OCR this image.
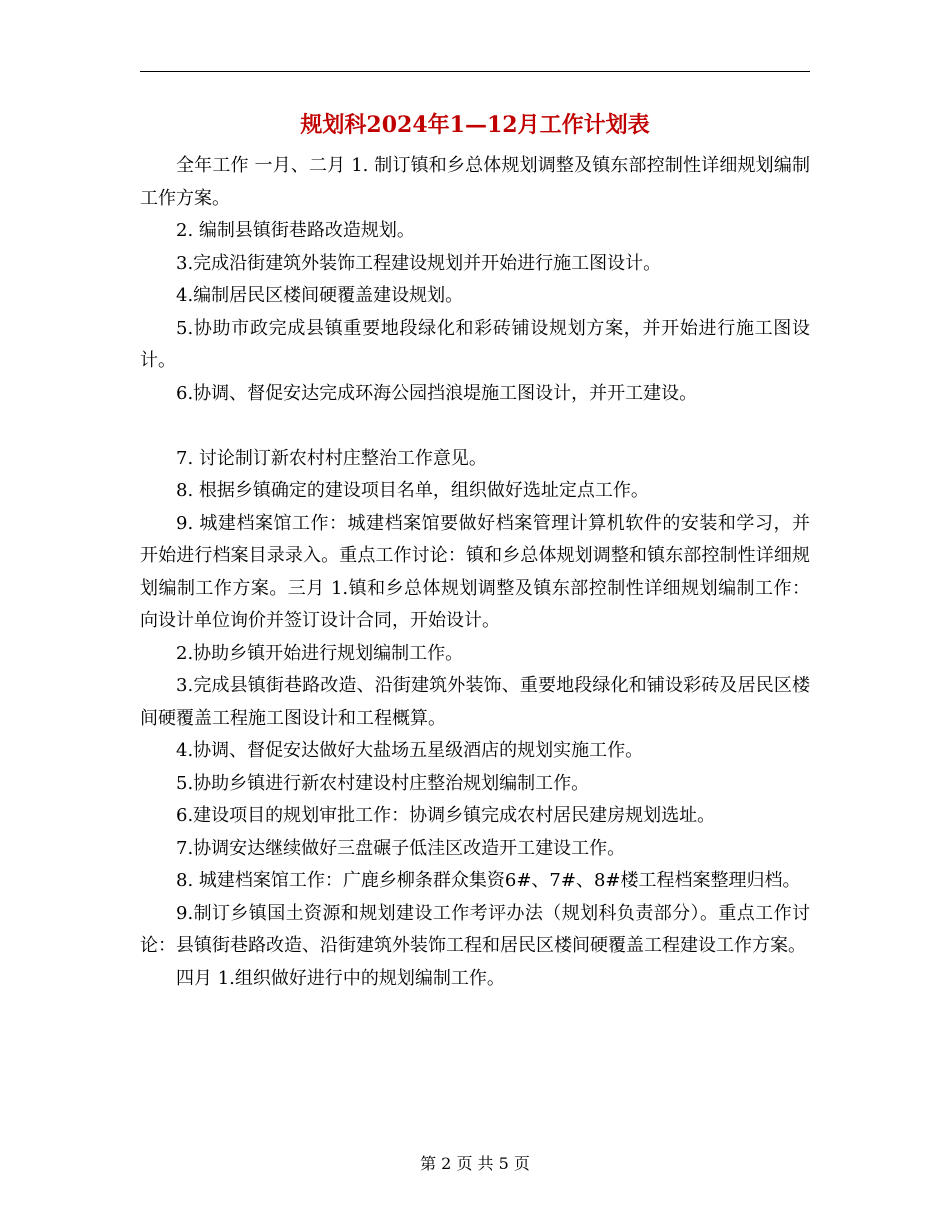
规划科2024年1—12月工作计划表

全年工作 一月、二月 1. 制订镇和乡总体规划调整及镇东部控制性详细规划编制工作方案。

2. 编制县镇街巷路改造规划。

3.完成沿街建筑外装饰工程建设规划并开始进行施工图设计。

4.编制居民区楼间硬覆盖建设规划。

5.协助市政完成县镇重要地段绿化和彩砖铺设规划方案，并开始进行施工图设计。

6.协调、督促安达完成环海公园挡浪堤施工图设计，并开工建设。

7. 讨论制订新农村村庄整治工作意见。

8. 根据乡镇确定的建设项目名单，组织做好选址定点工作。

9. 城建档案馆工作：城建档案馆要做好档案管理计算机软件的安装和学习，并开始进行档案目录录入。重点工作讨论：镇和乡总体规划调整和镇东部控制性详细规划编制工作方案。三月 1.镇和乡总体规划调整及镇东部控制性详细规划编制工作：向设计单位询价并签订设计合同，开始设计。

2.协助乡镇开始进行规划编制工作。

3.完成县镇街巷路改造、沿街建筑外装饰、重要地段绿化和铺设彩砖及居民区楼间硬覆盖工程施工图设计和工程概算。

4.协调、督促安达做好大盐场五星级酒店的规划实施工作。

5.协助乡镇进行新农村建设村庄整治规划编制工作。

6.建设项目的规划审批工作：协调乡镇完成农村居民建房规划选址。

7.协调安达继续做好三盘碾子低洼区改造开工建设工作。

8. 城建档案馆工作：广鹿乡柳条群众集资6#、7#、8#楼工程档案整理归档。

9.制订乡镇国土资源和规划建设工作考评办法（规划科负责部分）。重点工作讨论：县镇街巷路改造、沿街建筑外装饰工程和居民区楼间硬覆盖工程建设工作方案。

四月 1.组织做好进行中的规划编制工作。

第 2 页 共 5 页
